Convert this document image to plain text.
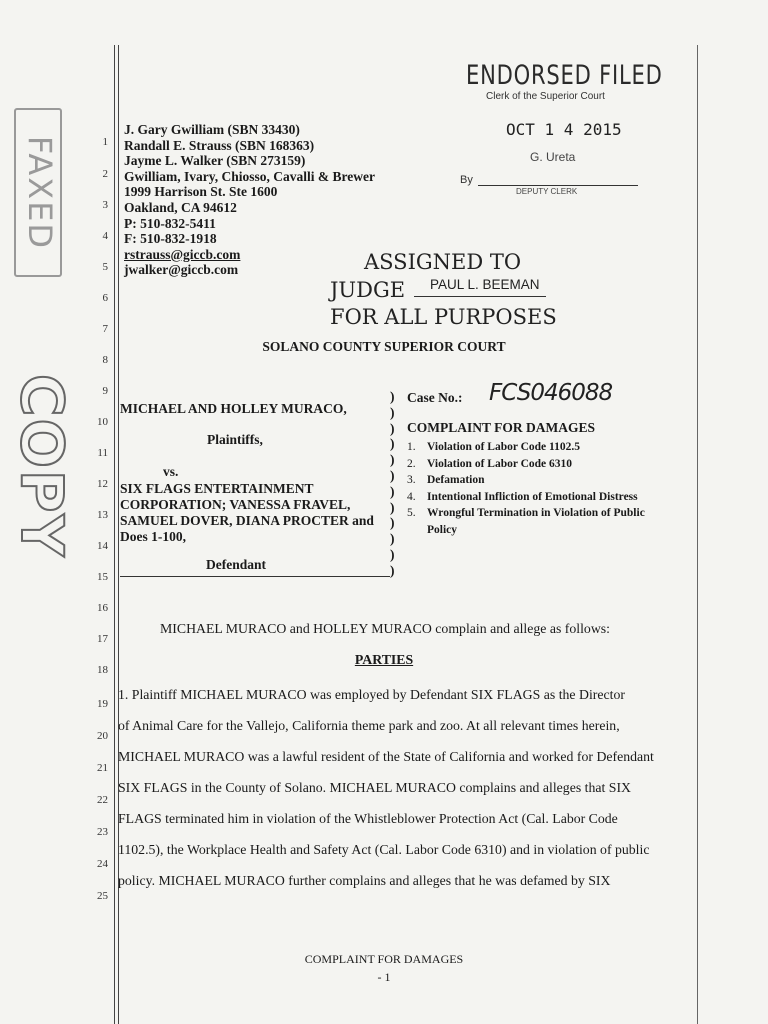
FAXED
COPY
1
2
3
4
5
6
7
8
9
10
11
12
13
14
15
16
17
18
19
20
21
22
23
24
25
J. Gary Gwilliam (SBN 33430)
Randall E. Strauss (SBN 168363)
Jayme L. Walker (SBN 273159)
Gwilliam, Ivary, Chiosso, Cavalli & Brewer
1999 Harrison St. Ste 1600
Oakland, CA 94612
P: 510-832-5411
F: 510-832-1918
rstrauss@giccb.com
jwalker@giccb.com
ENDORSED FILED
Clerk of the Superior Court
OCT 1 4 2015
G. Ureta
By
DEPUTY CLERK
ASSIGNED TO
JUDGE PAUL L. BEEMAN
FOR ALL PURPOSES
SOLANO COUNTY SUPERIOR COURT
MICHAEL AND HOLLEY MURACO,
Plaintiffs,
vs.
SIX FLAGS ENTERTAINMENT
CORPORATION; VANESSA FRAVEL,
SAMUEL DOVER, DIANA PROCTER and
Does 1-100,
Defendant
)
)
)
)
)
)
)
)
)
)
)
)
Case No.: FCS046088
COMPLAINT FOR DAMAGES
1. Violation of Labor Code 1102.5
2. Violation of Labor Code 6310
3. Defamation
4. Intentional Infliction of Emotional Distress
5. Wrongful Termination in Violation of Public
Policy
MICHAEL MURACO and HOLLEY MURACO complain and allege as follows:
PARTIES

1. Plaintiff MICHAEL MURACO was employed by Defendant SIX FLAGS as the Director

of Animal Care for the Vallejo, California theme park and zoo. At all relevant times herein,

MICHAEL MURACO was a lawful resident of the State of California and worked for Defendant

SIX FLAGS in the County of Solano. MICHAEL MURACO complains and alleges that SIX

FLAGS terminated him in violation of the Whistleblower Protection Act (Cal. Labor Code

1102.5), the Workplace Health and Safety Act (Cal. Labor Code 6310) and in violation of public

policy. MICHAEL MURACO further complains and alleges that he was defamed by SIX

COMPLAINT FOR DAMAGES
- 1
